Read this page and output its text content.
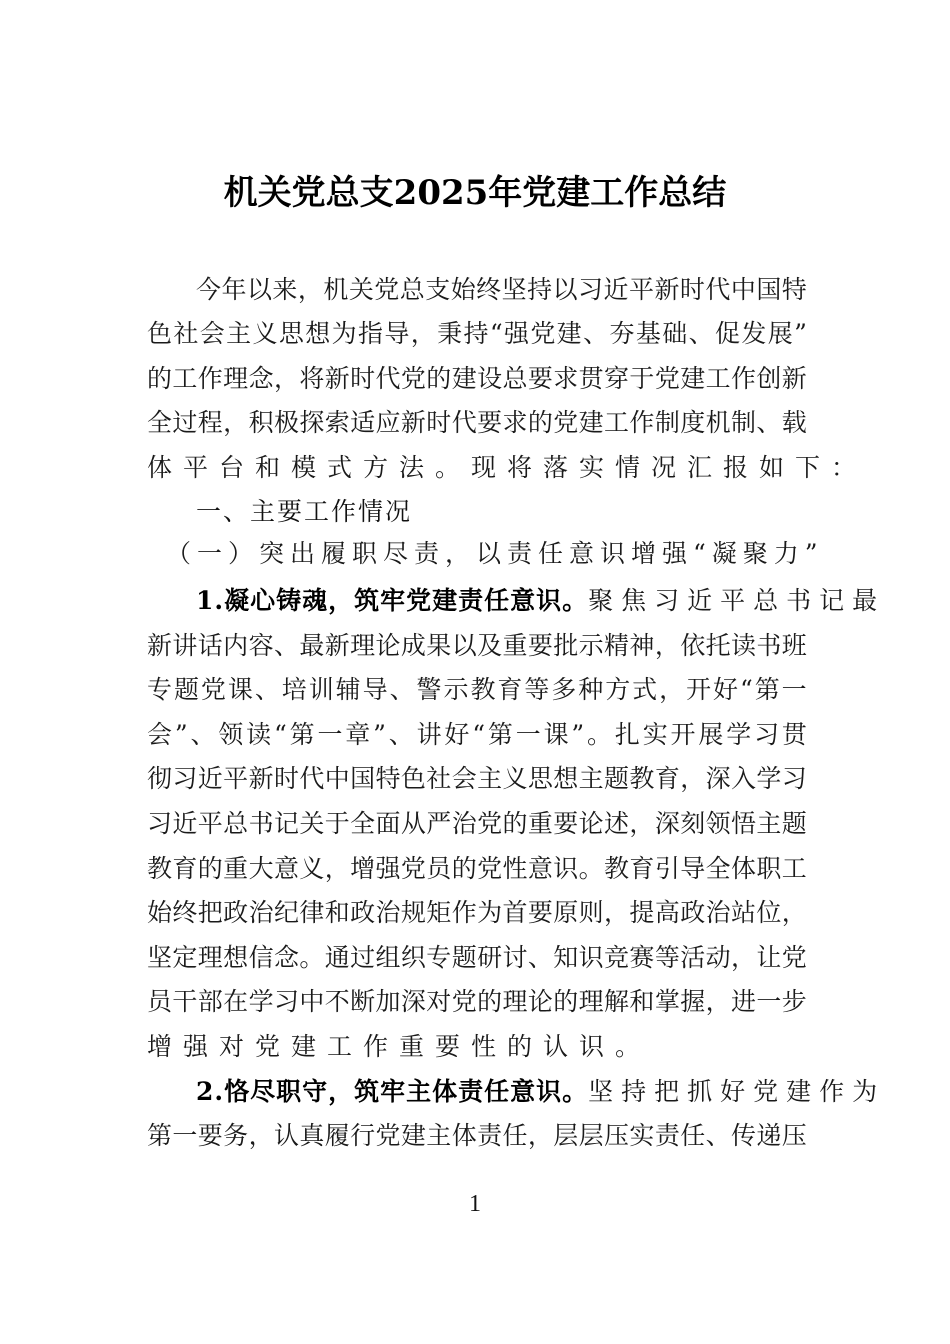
机关党总支2025年党建工作总结
今 年 以 来 ， 机 关 党 总 支 始 终 坚 持 以 习 近 平 新 时 代 中 国 特
色 社 会 主 义 思 想 为 指 导 ， 秉 持 “ 强 党 建 、 夯 基 础 、 促 发 展 ”
的 工 作 理 念 ， 将 新 时 代 党 的 建 设 总 要 求 贯 穿 于 党 建 工 作 创 新
全 过 程 ， 积 极 探 索 适 应 新 时 代 要 求 的 党 建 工 作 制 度 机 制 、 载
体平台和模式方法。现将落实情况汇报如下：
一、主要工作情况
（一）突出履职尽责，以责任意识增强“凝聚力”
1.凝心铸魂，筑牢党建责任意识。 聚焦习近平总书记最
新 讲 话 内 容 、 最 新 理 论 成 果 以 及 重 要 批 示 精 神 ， 依 托 读 书 班
专 题 党 课 、 培 训 辅 导 、 警 示 教 育 等 多 种 方 式 ， 开 好 “ 第 一
会 ” 、 领 读 “ 第 一 章 ” 、 讲 好 “ 第 一 课 ” 。 扎 实 开 展 学 习 贯
彻 习 近 平 新 时 代 中 国 特 色 社 会 主 义 思 想 主 题 教 育 ， 深 入 学 习
习 近 平 总 书 记 关 于 全 面 从 严 治 党 的 重 要 论 述 ， 深 刻 领 悟 主 题
教 育 的 重 大 意 义 ， 增 强 党 员 的 党 性 意 识 。 教 育 引 导 全 体 职 工
始 终 把 政 治 纪 律 和 政 治 规 矩 作 为 首 要 原 则 ， 提 高 政 治 站 位 ，
坚 定 理 想 信 念 。 通 过 组 织 专 题 研 讨 、 知 识 竞 赛 等 活 动 ， 让 党
员 干 部 在 学 习 中 不 断 加 深 对 党 的 理 论 的 理 解 和 掌 握 ， 进 一 步
增强对党建工作重要性的认识。
2.恪尽职守，筑牢主体责任意识。 坚持把抓好党建作为
第 一 要 务 ， 认 真 履 行 党 建 主 体 责 任 ， 层 层 压 实 责 任 、 传 递 压
1
